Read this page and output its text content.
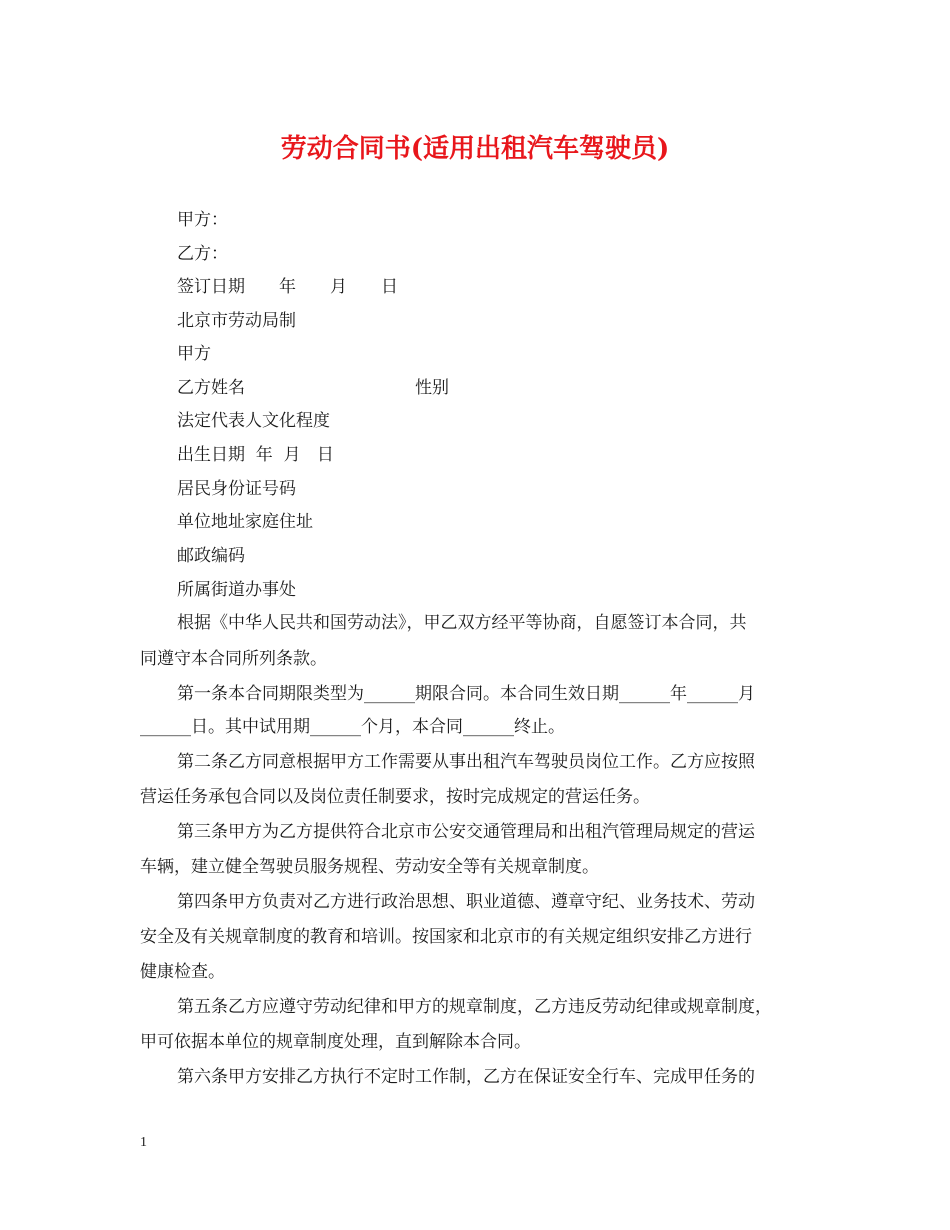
劳动合同书(适用出租汽车驾驶员)
甲方：
乙方：
签订日期　　年　　月　　日
北京市劳动局制
甲方
乙方姓名　　　　　　　　　　性别
法定代表人文化程度
出生日期  年  月   日
居民身份证号码
单位地址家庭住址
邮政编码
所属街道办事处
根据《中华人民共和国劳动法》，甲乙双方经平等协商，自愿签订本合同，共
同遵守本合同所列条款。
第一条本合同期限类型为______期限合同。本合同生效日期______年______月
______日。其中试用期______个月，本合同______终止。
第二条乙方同意根据甲方工作需要从事出租汽车驾驶员岗位工作。乙方应按照
营运任务承包合同以及岗位责任制要求，按时完成规定的营运任务。
第三条甲方为乙方提供符合北京市公安交通管理局和出租汽管理局规定的营运
车辆，建立健全驾驶员服务规程、劳动安全等有关规章制度。
第四条甲方负责对乙方进行政治思想、职业道德、遵章守纪、业务技术、劳动
安全及有关规章制度的教育和培训。按国家和北京市的有关规定组织安排乙方进行
健康检查。
第五条乙方应遵守劳动纪律和甲方的规章制度，乙方违反劳动纪律或规章制度，
甲可依据本单位的规章制度处理，直到解除本合同。
第六条甲方安排乙方执行不定时工作制，乙方在保证安全行车、完成甲任务的
1
